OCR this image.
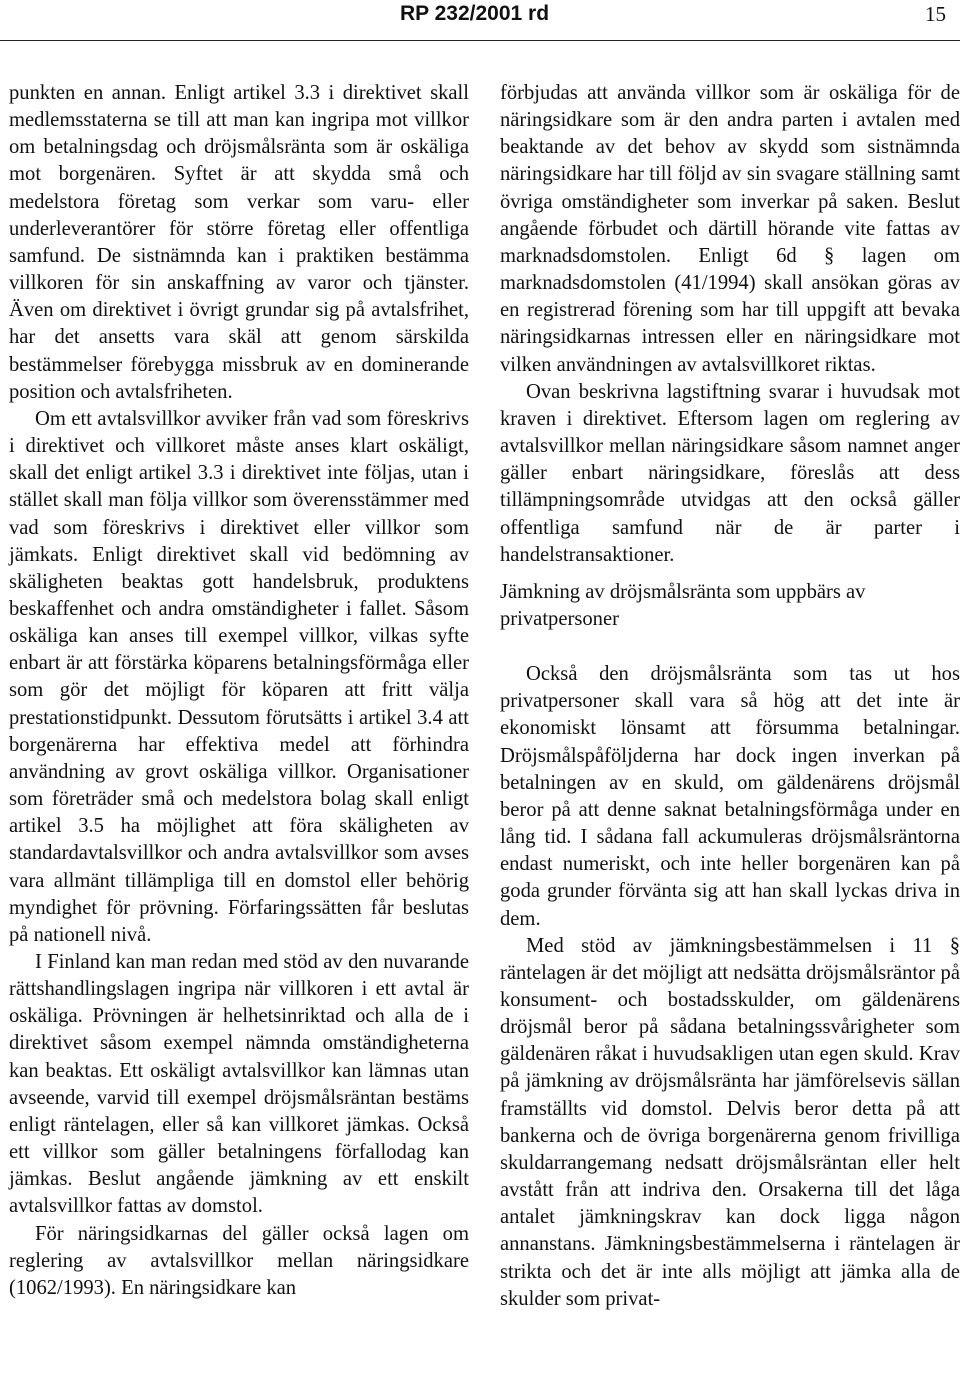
RP 232/2001 rd	15

punkten en annan. Enligt artikel 3.3 i direktivet skall medlemsstaterna se till att man kan ingripa mot villkor om betalningsdag och dröjsmålsränta som är oskäliga mot borgenären. Syftet är att skydda små och medelstora företag som verkar som varu- eller underleverantörer för större företag eller offentliga samfund. De sistnämnda kan i praktiken bestämma villkoren för sin anskaffning av varor och tjänster. Även om direktivet i övrigt grundar sig på avtalsfrihet, har det ansetts vara skäl att genom särskilda bestämmelser förebygga missbruk av en dominerande position och avtalsfriheten.

Om ett avtalsvillkor avviker från vad som föreskrivs i direktivet och villkoret måste anses klart oskäligt, skall det enligt artikel 3.3 i direktivet inte följas, utan i stället skall man följa villkor som överensstämmer med vad som föreskrivs i direktivet eller villkor som jämkats. Enligt direktivet skall vid bedömning av skäligheten beaktas gott handelsbruk, produktens beskaffenhet och andra omständigheter i fallet. Såsom oskäliga kan anses till exempel villkor, vilkas syfte enbart är att förstärka köparens betalningsförmåga eller som gör det möjligt för köparen att fritt välja prestationstidpunkt. Dessutom förutsätts i artikel 3.4 att borgenärerna har effektiva medel att förhindra användning av grovt oskäliga villkor. Organisationer som företräder små och medelstora bolag skall enligt artikel 3.5 ha möjlighet att föra skäligheten av standardavtalsvillkor och andra avtalsvillkor som avses vara allmänt tillämpliga till en domstol eller behörig myndighet för prövning. Förfaringssätten får beslutas på nationell nivå.

I Finland kan man redan med stöd av den nuvarande rättshandlingslagen ingripa när villkoren i ett avtal är oskäliga. Prövningen är helhetsinriktad och alla de i direktivet såsom exempel nämnda omständigheterna kan beaktas. Ett oskäligt avtalsvillkor kan lämnas utan avseende, varvid till exempel dröjsmålsräntan bestäms enligt räntelagen, eller så kan villkoret jämkas. Också ett villkor som gäller betalningens förfallodag kan jämkas. Beslut angående jämkning av ett enskilt avtalsvillkor fattas av domstol.

För näringsidkarnas del gäller också lagen om reglering av avtalsvillkor mellan näringsidkare (1062/1993). En näringsidkare kan

förbjudas att använda villkor som är oskäliga för de näringsidkare som är den andra parten i avtalen med beaktande av det behov av skydd som sistnämnda näringsidkare har till följd av sin svagare ställning samt övriga omständigheter som inverkar på saken. Beslut angående förbudet och därtill hörande vite fattas av marknadsdomstolen. Enligt 6d § lagen om marknadsdomstolen (41/1994) skall ansökan göras av en registrerad förening som har till uppgift att bevaka näringsidkarnas intressen eller en näringsidkare mot vilken användningen av avtalsvillkoret riktas.

Ovan beskrivna lagstiftning svarar i huvudsak mot kraven i direktivet. Eftersom lagen om reglering av avtalsvillkor mellan näringsidkare såsom namnet anger gäller enbart näringsidkare, föreslås att dess tillämpningsområde utvidgas att den också gäller offentliga samfund när de är parter i handelstransaktioner.

Jämkning av dröjsmålsränta som uppbärs av privatpersoner

Också den dröjsmålsränta som tas ut hos privatpersoner skall vara så hög att det inte är ekonomiskt lönsamt att försumma betalningar. Dröjsmålspåföljderna har dock ingen inverkan på betalningen av en skuld, om gäldenärens dröjsmål beror på att denne saknat betalningsförmåga under en lång tid. I sådana fall ackumuleras dröjsmålsräntorna endast numeriskt, och inte heller borgenären kan på goda grunder förvänta sig att han skall lyckas driva in dem.

Med stöd av jämkningsbestämmelsen i 11 § räntelagen är det möjligt att nedsätta dröjsmålsräntor på konsument- och bostadsskulder, om gäldenärens dröjsmål beror på sådana betalningssvårigheter som gäldenären råkat i huvudsakligen utan egen skuld. Krav på jämkning av dröjsmålsränta har jämförelsevis sällan framställts vid domstol. Delvis beror detta på att bankerna och de övriga borgenärerna genom frivilliga skuldarrangemang nedsatt dröjsmålsräntan eller helt avstått från att indriva den. Orsakerna till det låga antalet jämkningskrav kan dock ligga någon annanstans. Jämkningsbestämmelserna i räntelagen är strikta och det är inte alls möjligt att jämka alla de skulder som privat-
